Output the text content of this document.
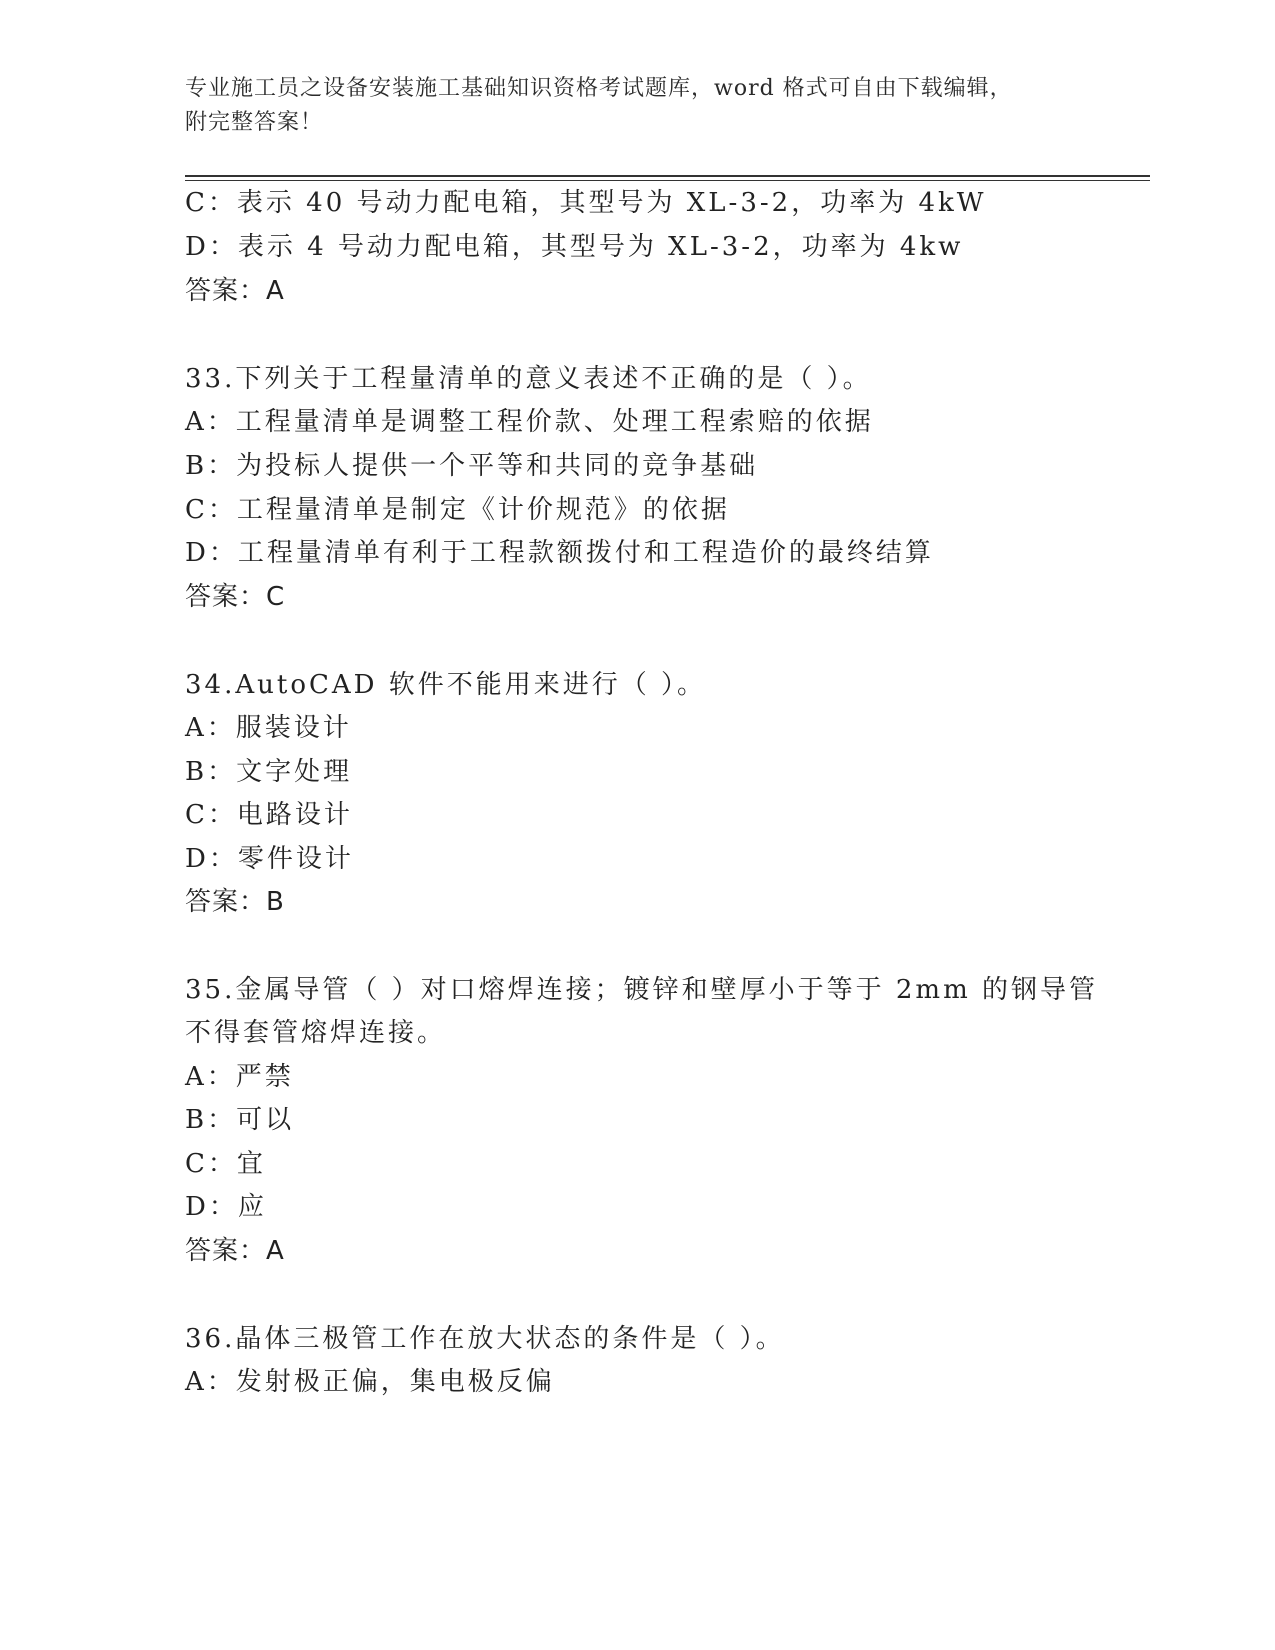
专业施工员之设备安装施工基础知识资格考试题库，word 格式可自由下载编辑，
附完整答案！
C：表示 40 号动力配电箱，其型号为 XL-3-2，功率为 4kW
D：表示 4 号动力配电箱，其型号为 XL-3-2，功率为 4kw
答案：A
33.下列关于工程量清单的意义表述不正确的是（ ）。
A：工程量清单是调整工程价款、处理工程索赔的依据
B：为投标人提供一个平等和共同的竞争基础
C：工程量清单是制定《计价规范》的依据
D：工程量清单有利于工程款额拨付和工程造价的最终结算
答案：C
34.AutoCAD 软件不能用来进行（ ）。
A：服装设计
B：文字处理
C：电路设计
D：零件设计
答案：B
35.金属导管（ ）对口熔焊连接；镀锌和壁厚小于等于 2mm 的钢导管
不得套管熔焊连接。
A：严禁
B：可以
C：宜
D：应
答案：A
36.晶体三极管工作在放大状态的条件是（ ）。
A：发射极正偏，集电极反偏
